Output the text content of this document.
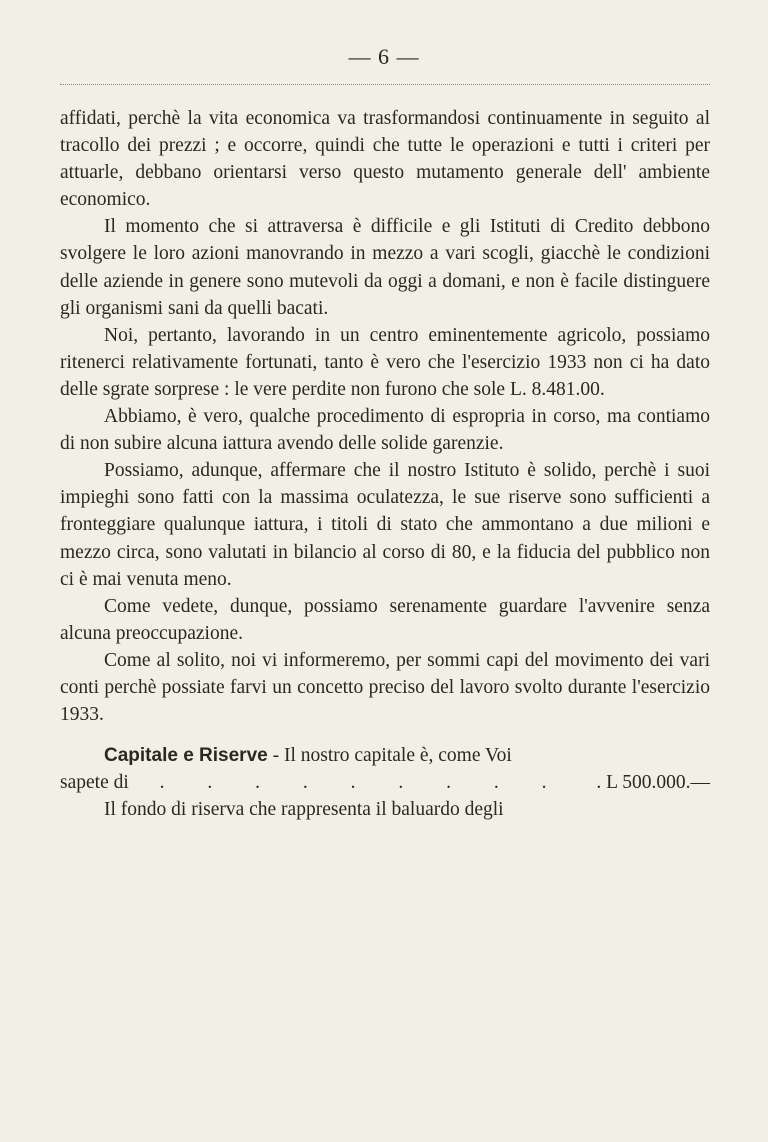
— 6 —

affidati, perchè la vita economica va trasformandosi continuamente in seguito al tracollo dei prezzi ; e occorre, quindi che tutte le operazioni e tutti i criteri per attuarle, debbano orientarsi verso questo mutamento generale dell' ambiente economico.

Il momento che si attraversa è difficile e gli Istituti di Credito debbono svolgere le loro azioni manovrando in mezzo a vari scogli, giacchè le condizioni delle aziende in genere sono mutevoli da oggi a domani, e non è facile distinguere gli organismi sani da quelli bacati.

Noi, pertanto, lavorando in un centro eminentemente agricolo, possiamo ritenerci relativamente fortunati, tanto è vero che l'esercizio 1933 non ci ha dato delle sgrate sorprese : le vere perdite non furono che sole L. 8.481.00.

Abbiamo, è vero, qualche procedimento di espropria in corso, ma contiamo di non subire alcuna iattura avendo delle solide garenzie.

Possiamo, adunque, affermare che il nostro Istituto è solido, perchè i suoi impieghi sono fatti con la massima oculatezza, le sue riserve sono sufficienti a fronteggiare qualunque iattura, i titoli di stato che ammontano a due milioni e mezzo circa, sono valutati in bilancio al corso di 80, e la fiducia del pubblico non ci è mai venuta meno.

Come vedete, dunque, possiamo serenamente guardare l'avvenire senza alcuna preoccupazione.

Come al solito, noi vi informeremo, per sommi capi del movimento dei vari conti perchè possiate farvi un concetto preciso del lavoro svolto durante l'esercizio 1933.

Capitale e Riserve - Il nostro capitale è, come Voi

sapete di . . . . . . . . . . L 500.000.—

Il fondo di riserva che rappresenta il baluardo degli
